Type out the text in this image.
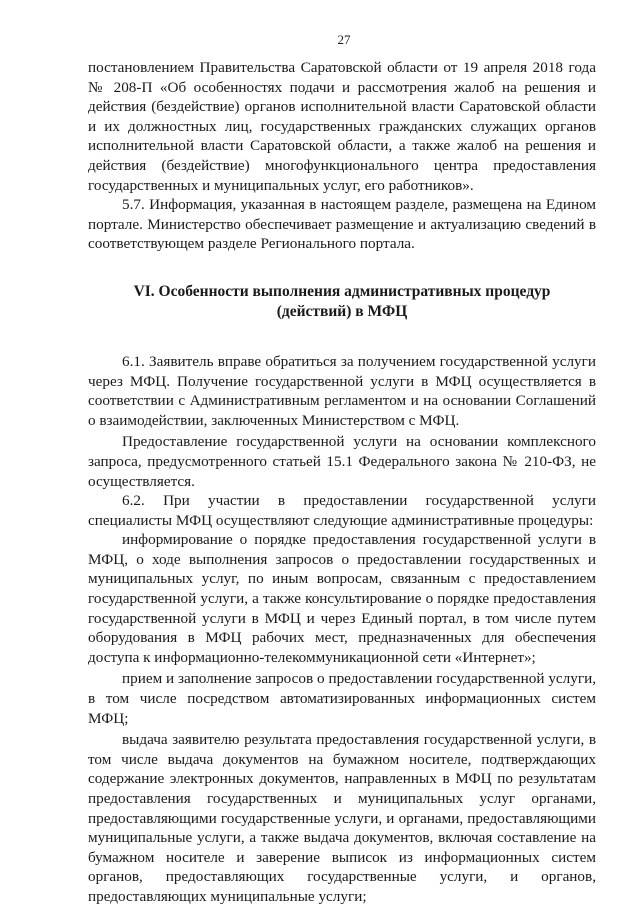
27

постановлением Правительства Саратовской области от 19 апреля 2018 года № 208-П «Об особенностях подачи и рассмотрения жалоб на решения и действия (бездействие) органов исполнительной власти Саратовской области и их должностных лиц, государственных гражданских служащих органов исполнительной власти Саратовской области, а также жалоб на решения и действия (бездействие) многофункционального центра предоставления государственных и муниципальных услуг, его работников».

5.7. Информация, указанная в настоящем разделе, размещена на Едином портале. Министерство обеспечивает размещение и актуализацию сведений в соответствующем разделе Регионального портала.

VI. Особенности выполнения административных процедур (действий) в МФЦ

6.1. Заявитель вправе обратиться за получением государственной услуги через МФЦ. Получение государственной услуги в МФЦ осуществляется в соответствии с Административным регламентом и на основании Соглашений о взаимодействии, заключенных Министерством с МФЦ.

Предоставление государственной услуги на основании комплексного запроса, предусмотренного статьей 15.1 Федерального закона № 210-ФЗ, не осуществляется.

6.2. При участии в предоставлении государственной услуги специалисты МФЦ осуществляют следующие административные процедуры:

информирование о порядке предоставления государственной услуги в МФЦ, о ходе выполнения запросов о предоставлении государственных и муниципальных услуг, по иным вопросам, связанным с предоставлением государственной услуги, а также консультирование о порядке предоставления государственной услуги в МФЦ и через Единый портал, в том числе путем оборудования в МФЦ рабочих мест, предназначенных для обеспечения доступа к информационно-телекоммуникационной сети «Интернет»;

прием и заполнение запросов о предоставлении государственной услуги, в том числе посредством автоматизированных информационных систем МФЦ;

выдача заявителю результата предоставления государственной услуги, в том числе выдача документов на бумажном носителе, подтверждающих содержание электронных документов, направленных в МФЦ по результатам предоставления государственных и муниципальных услуг органами, предоставляющими государственные услуги, и органами, предоставляющими муниципальные услуги, а также выдача документов, включая составление на бумажном носителе и заверение выписок из информационных систем органов, предоставляющих государственные услуги, и органов, предоставляющих муниципальные услуги;
